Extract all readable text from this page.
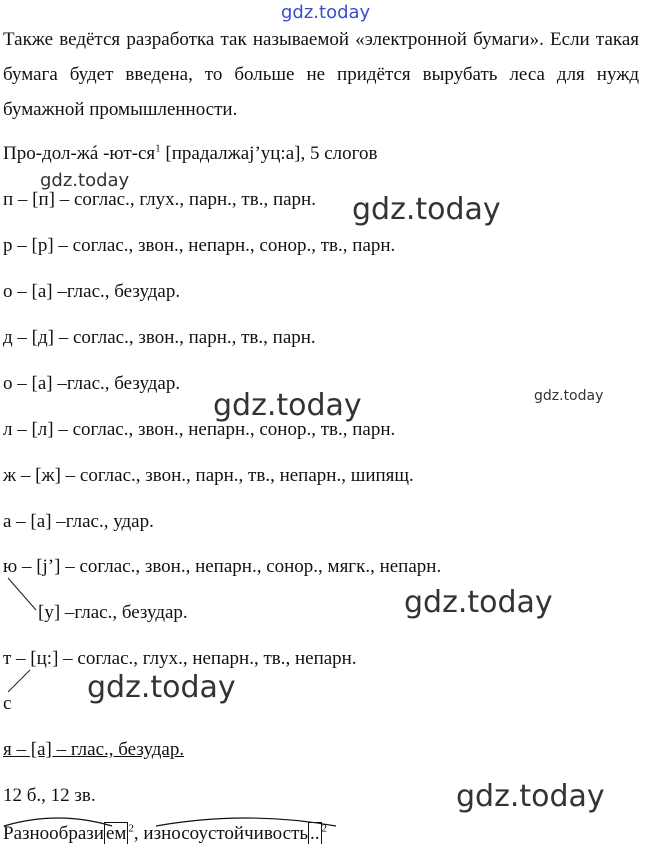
gdz.today
gdz.today
gdz.today
gdz.today	gdz.today
gdz.today
gdz.today
gdz.today

Также ведётся разработка так называемой «электронной бумаги». Если такая бумага будет введена, то больше не придётся вырубать леса для нужд бумажной промышленности.

Про-дол-жá $-ют-ся^1$ [прадалжаj’уц:а], 5 слогов
п – [п] – соглас., глух., парн., тв., парн.
р – [р] – соглас., звон., непарн., сонор., тв., парн.
о – [а] –глас., безудар.
д – [д] – соглас., звон., парн., тв., парн.
о – [а] –глас., безудар.
л – [л] – соглас., звон., непарн., сонор., тв., парн.
ж – [ж] – соглас., звон., парн., тв., непарн., шипящ.
а – [а] –глас., удар.
ю – [j’] – соглас., звон., непарн., сонор., мягк., непарн.
[у] –глас., безудар.
т – [ц:] – соглас., глух., непарн., тв., непарн.
с
я – [а] – глас., безудар.
12 б., 12 зв.
Разнообрази ем $^2$, износоустойчивость .. $^2$
